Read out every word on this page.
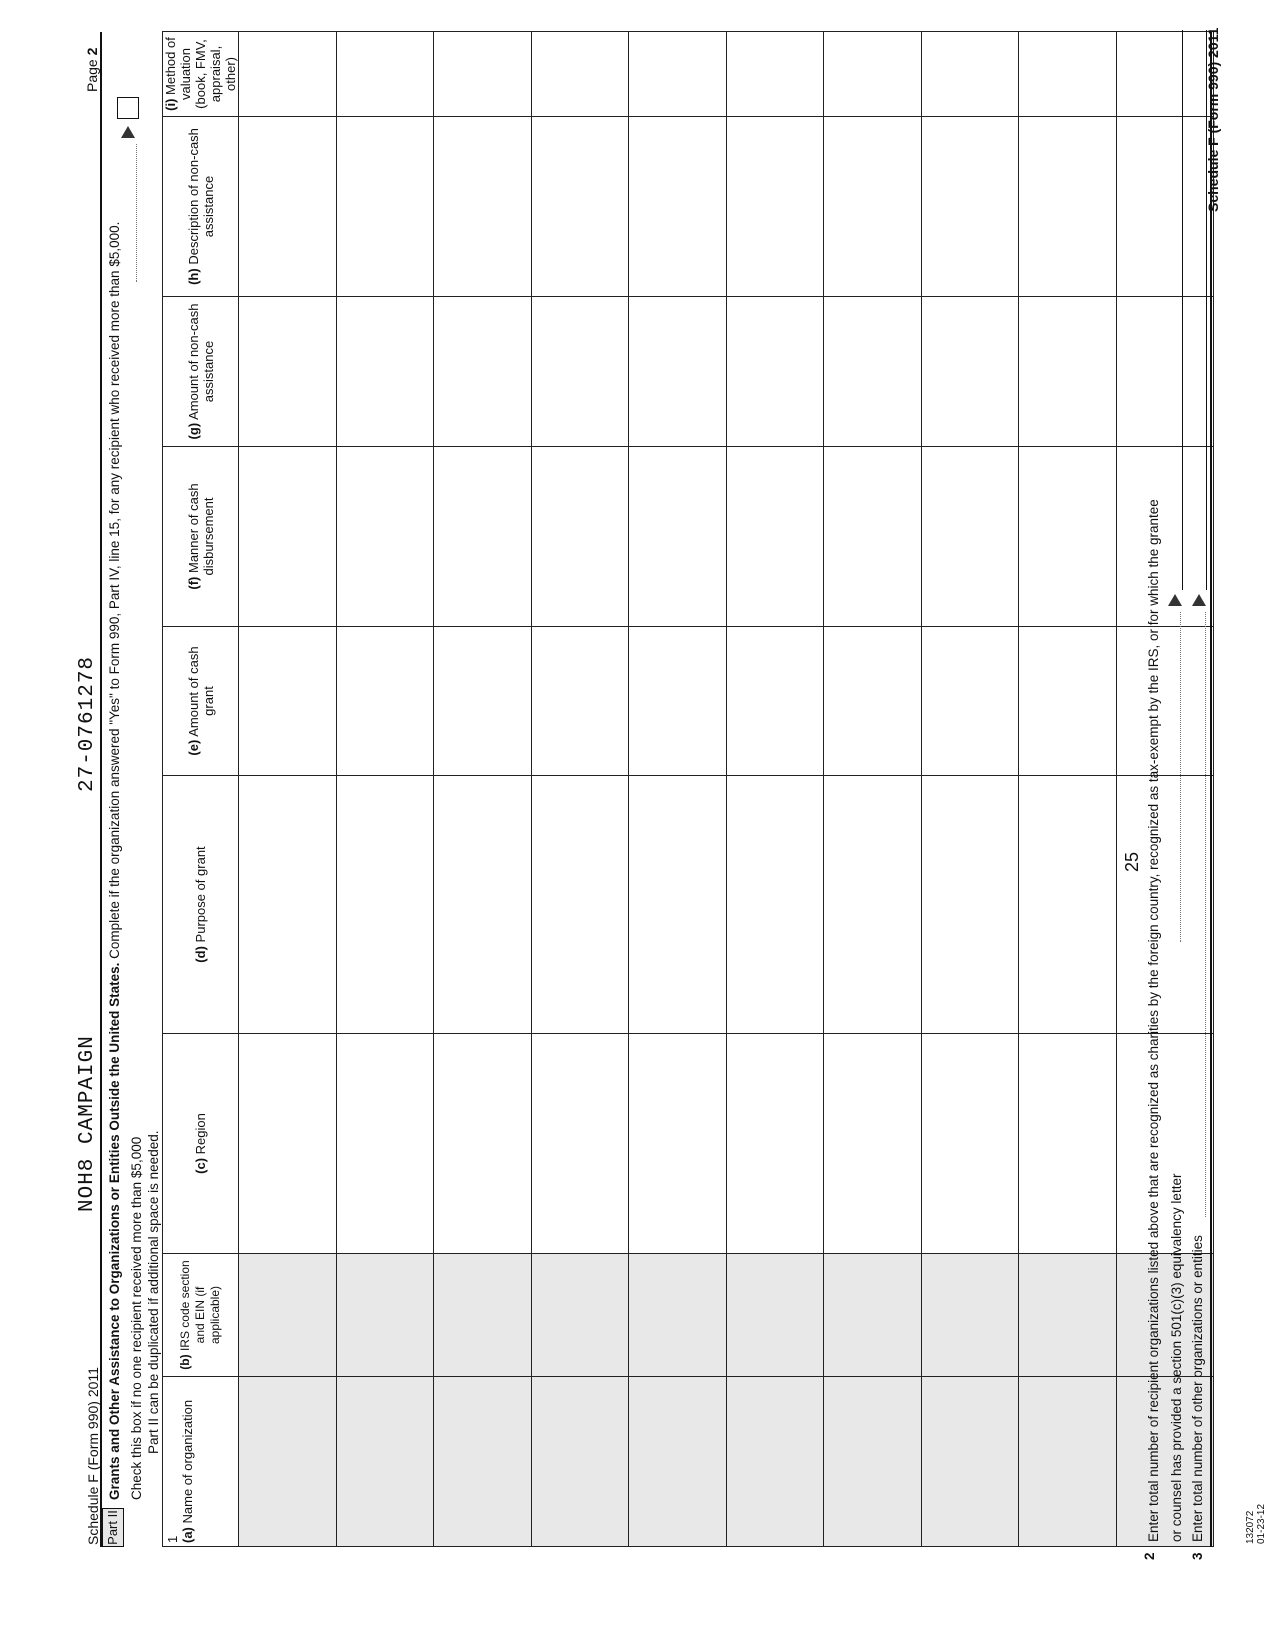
Schedule F (Form 990) 2011
NOH8 CAMPAIGN
27-0761278
Page 2
Part II
Grants and Other Assistance to Organizations or Entities Outside the United States. Complete if the organization answered "Yes" to Form 990, Part IV, line 15, for any recipient who received more than $5,000. Check this box if no one recipient received more than $5,000 Part II can be duplicated if additional space is needed.
1
(a) Name of organization	(b) IRS code section and EIN (if applicable)	(c) Region	(d) Purpose of grant	(e) Amount of cash grant	(f) Manner of cash disbursement	(g) Amount of non-cash assistance	(h) Description of non-cash assistance	(i) Method of valuation (book, FMV, appraisal, other)

2
Enter total number of recipient organizations listed above that are recognized as charities by the foreign country, recognized as tax-exempt by the IRS, or for which the grantee or counsel has provided a section 501(c)(3) equivalency letter
3
Enter total number of other organizations or entities
25
132072
01-23-12
Schedule F (Form 990) 2011
